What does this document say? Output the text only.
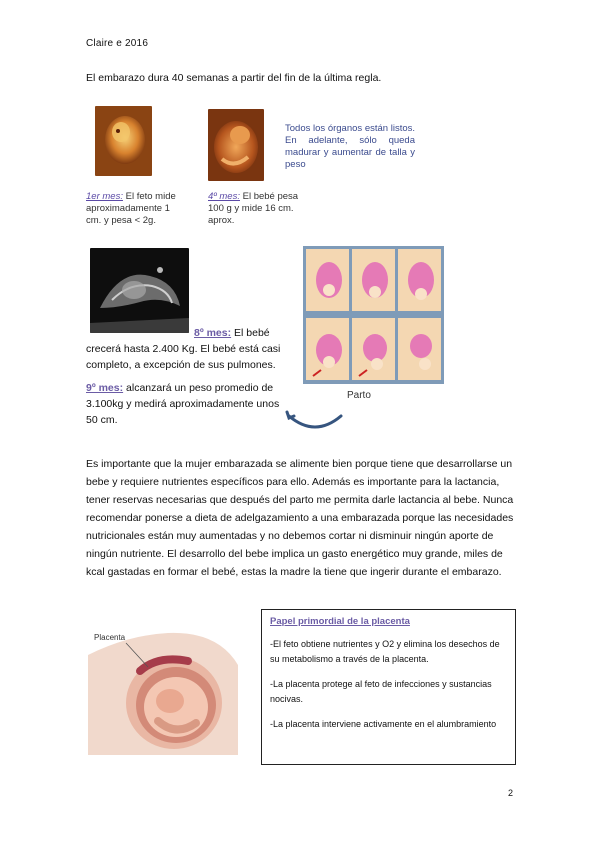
Claire e 2016
El embarazo dura 40 semanas a partir del fin de la última regla.
1er mes: El feto mide aproximadamente 1 cm. y pesa < 2g.
4º mes: El bebé pesa 100 g y mide 16 cm. aprox.
Todos los órganos están listos. En adelante, sólo queda madurar y aumentar de talla y peso
8º mes: El bebé crecerá hasta 2.400 Kg. El bebé está casi completo, a excepción de sus pulmones.
9º mes: alcanzará un peso promedio de 3.100kg y medirá aproximadamente unos 50 cm.
Parto
Es importante que la mujer embarazada se alimente bien porque tiene que desarrollarse un bebe y requiere nutrientes específicos para ello. Además es importante para la lactancia, tener reservas necesarias que después del parto me permita darle lactancia al bebe. Nunca recomendar ponerse a dieta de adelgazamiento a una embarazada porque las necesidades nutricionales están muy aumentadas y no debemos cortar ni disminuir ningún aporte de ningún nutriente. El desarrollo del bebe implica un gasto energético muy grande, miles de kcal gastadas en formar el bebé, estas la madre la tiene que ingerir durante el embarazo.
Placenta
Papel primordial de la placenta

-El feto obtiene nutrientes y O2 y elimina los desechos de su metabolismo a través de la placenta.

-La placenta protege al feto de infecciones y sustancias nocivas.

-La placenta interviene activamente en el alumbramiento

2
